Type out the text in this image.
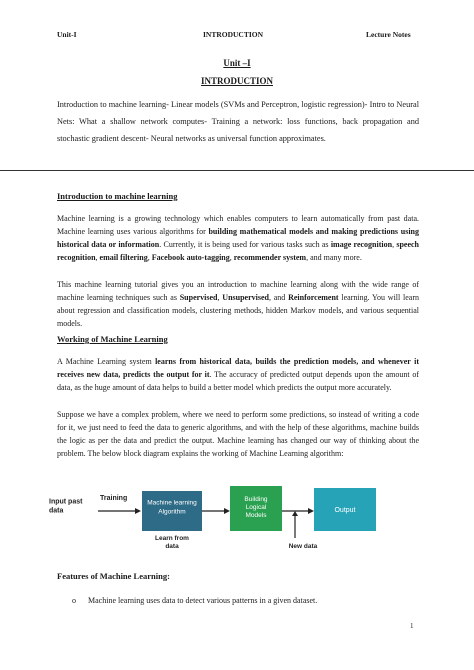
Unit-I	INTRODUCTION	Lecture Notes
Unit –I
INTRODUCTION
Introduction to machine learning- Linear models (SVMs and Perceptron, logistic regression)- Intro to Neural Nets: What a shallow network computes- Training a network: loss functions, back propagation and stochastic gradient descent- Neural networks as universal function approximates.
Introduction to machine learning
Machine learning is a growing technology which enables computers to learn automatically from past data. Machine learning uses various algorithms for building mathematical models and making predictions using historical data or information. Currently, it is being used for various tasks such as image recognition, speech recognition, email filtering, Facebook auto-tagging, recommender system, and many more.
This machine learning tutorial gives you an introduction to machine learning along with the wide range of machine learning techniques such as Supervised, Unsupervised, and Reinforcement learning. You will learn about regression and classification models, clustering methods, hidden Markov models, and various sequential models.
Working of Machine Learning
A Machine Learning system learns from historical data, builds the prediction models, and whenever it receives new data, predicts the output for it. The accuracy of predicted output depends upon the amount of data, as the huge amount of data helps to build a better model which predicts the output more accurately.
Suppose we have a complex problem, where we need to perform some predictions, so instead of writing a code for it, we just need to feed the data to generic algorithms, and with the help of these algorithms, machine builds the logic as per the data and predict the output. Machine learning has changed our way of thinking about the problem. The below block diagram explains the working of Machine Learning algorithm:
Input past data
Training
Machine learning Algorithm
Learn from data
Building Logical Models
New data
Output
Features of Machine Learning:
o Machine learning uses data to detect various patterns in a given dataset.
1
